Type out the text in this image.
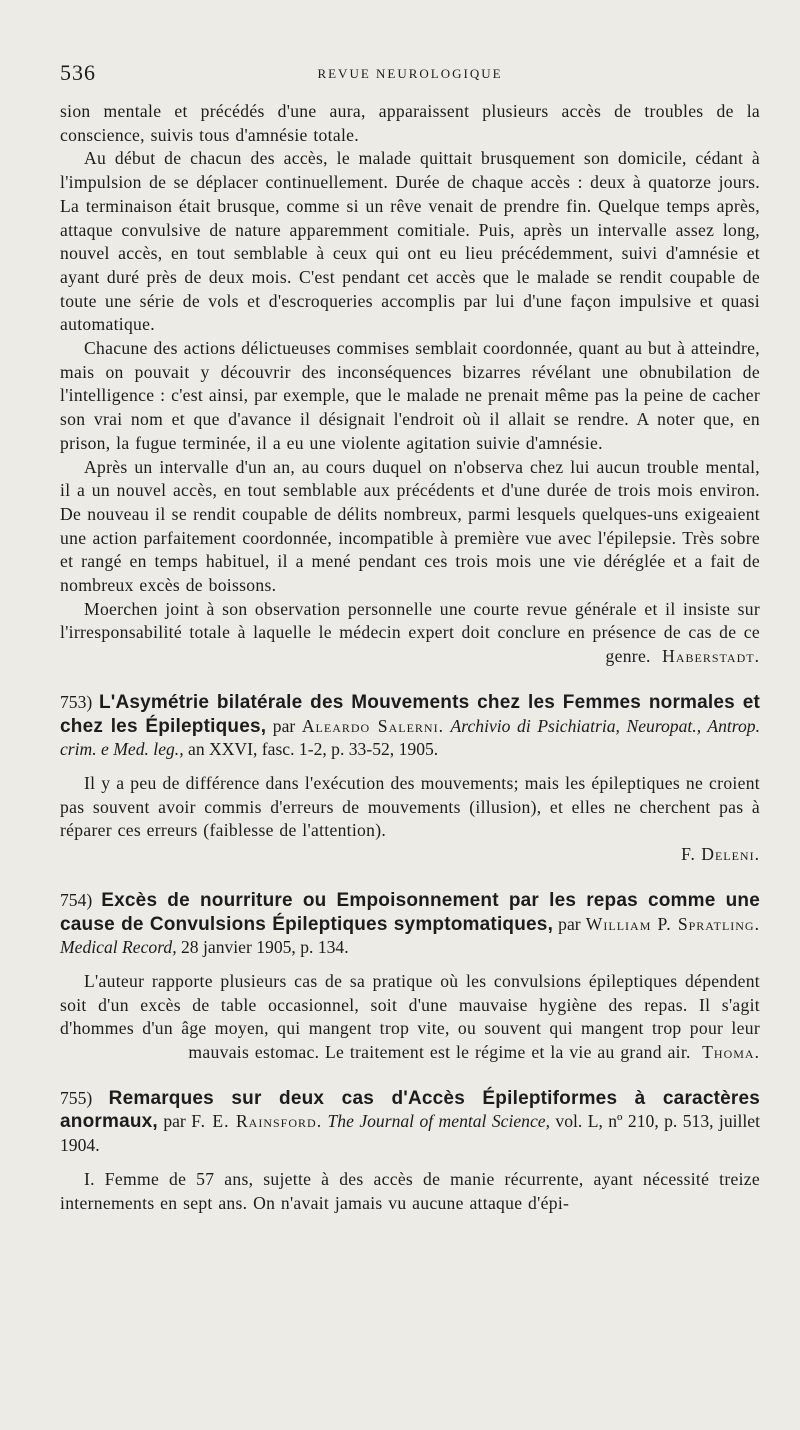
536	REVUE NEUROLOGIQUE

sion mentale et précédés d'une aura, apparaissent plusieurs accès de troubles de la conscience, suivis tous d'amnésie totale.

Au début de chacun des accès, le malade quittait brusquement son domicile, cédant à l'impulsion de se déplacer continuellement. Durée de chaque accès : deux à quatorze jours. La terminaison était brusque, comme si un rêve venait de prendre fin. Quelque temps après, attaque convulsive de nature apparemment comitiale. Puis, après un intervalle assez long, nouvel accès, en tout semblable à ceux qui ont eu lieu précédemment, suivi d'amnésie et ayant duré près de deux mois. C'est pendant cet accès que le malade se rendit coupable de toute une série de vols et d'escroqueries accomplis par lui d'une façon impulsive et quasi automatique.

Chacune des actions délictueuses commises semblait coordonnée, quant au but à atteindre, mais on pouvait y découvrir des inconséquences bizarres révélant une obnubilation de l'intelligence : c'est ainsi, par exemple, que le malade ne prenait même pas la peine de cacher son vrai nom et que d'avance il désignait l'endroit où il allait se rendre. A noter que, en prison, la fugue terminée, il a eu une violente agitation suivie d'amnésie.

Après un intervalle d'un an, au cours duquel on n'observa chez lui aucun trouble mental, il a un nouvel accès, en tout semblable aux précédents et d'une durée de trois mois environ. De nouveau il se rendit coupable de délits nombreux, parmi lesquels quelques-uns exigeaient une action parfaitement coordonnée, incompatible à première vue avec l'épilepsie. Très sobre et rangé en temps habituel, il a mené pendant ces trois mois une vie déréglée et a fait de nombreux excès de boissons.

Moerchen joint à son observation personnelle une courte revue générale et il insiste sur l'irresponsabilité totale à laquelle le médecin expert doit conclure en présence de cas de ce genre. Haberstadt.

753) L'Asymétrie bilatérale des Mouvements chez les Femmes normales et chez les Épileptiques, par Aleardo Salerni. Archivio di Psichiatria, Neuropat., Antrop. crim. e Med. leg., an XXVI, fasc. 1-2, p. 33-52, 1905.

Il y a peu de différence dans l'exécution des mouvements; mais les épileptiques ne croient pas souvent avoir commis d'erreurs de mouvements (illusion), et elles ne cherchent pas à réparer ces erreurs (faiblesse de l'attention).

F. Deleni.
754) Excès de nourriture ou Empoisonnement par les repas comme une cause de Convulsions Épileptiques symptomatiques, par William P. Spratling. Medical Record, 28 janvier 1905, p. 134.

L'auteur rapporte plusieurs cas de sa pratique où les convulsions épileptiques dépendent soit d'un excès de table occasionnel, soit d'une mauvaise hygiène des repas. Il s'agit d'hommes d'un âge moyen, qui mangent trop vite, ou souvent qui mangent trop pour leur mauvais estomac. Le traitement est le régime et la vie au grand air. Thoma.

755) Remarques sur deux cas d'Accès Épileptiformes à caractères anormaux, par F. E. Rainsford. The Journal of mental Science, vol. L, nº 210, p. 513, juillet 1904.

I. Femme de 57 ans, sujette à des accès de manie récurrente, ayant nécessité treize internements en sept ans. On n'avait jamais vu aucune attaque d'épi-
